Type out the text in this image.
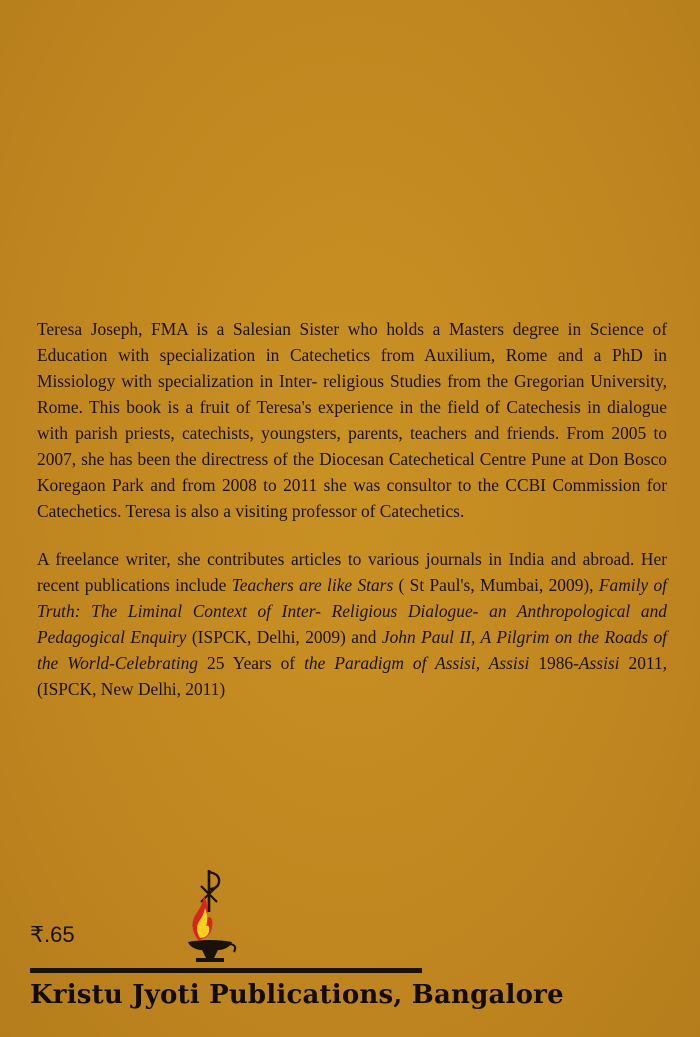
Teresa Joseph, FMA is a Salesian Sister who holds a Masters degree in Science of Education with specialization in Catechetics from Auxilium, Rome and a PhD in Missiology with specialization in Inter- religious Studies from the Gregorian University, Rome. This book is a fruit of Teresa's experience in the field of Catechesis in dialogue with parish priests, catechists, youngsters, parents, teachers and friends. From 2005 to 2007, she has been the directress of the Diocesan Catechetical Centre Pune at Don Bosco Koregaon Park and from 2008 to 2011 she was consultor to the CCBI Commission for Catechetics. Teresa is also a visiting professor of Catechetics.

A freelance writer, she contributes articles to various journals in India and abroad. Her recent publications include Teachers are like Stars ( St Paul's, Mumbai, 2009), Family of Truth: The Liminal Context of Inter- Religious Dialogue- an Anthropological and Pedagogical Enquiry (ISPCK, Delhi, 2009) and John Paul II, A Pilgrim on the Roads of the World-Celebrating 25 Years of the Paradigm of Assisi, Assisi 1986-Assisi 2011, (ISPCK, New Delhi, 2011)

₹.65
Kristu Jyoti Publications, Bangalore
